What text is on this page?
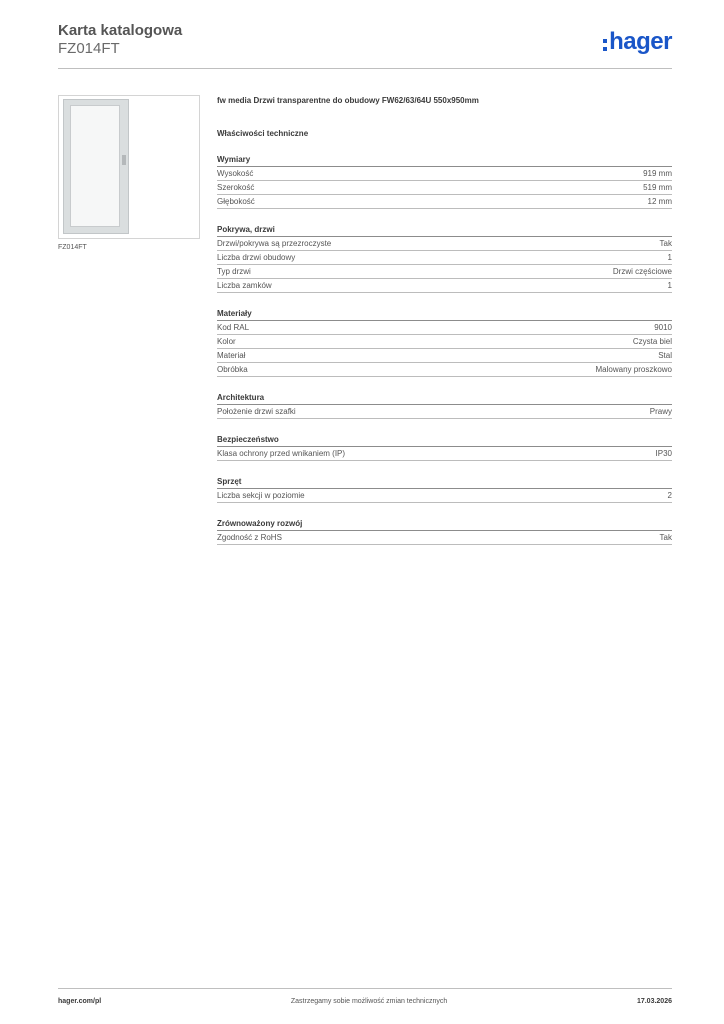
Karta katalogowa
FZ014FT	hager
FZ014FT
fw media Drzwi transparentne do obudowy FW62/63/64U 550x950mm
Właściwości techniczne
Wymiary
Wysokość	919 mm
Szerokość	519 mm
Głębokość	12 mm
Pokrywa, drzwi
Drzwi/pokrywa są przezroczyste	Tak
Liczba drzwi obudowy	1
Typ drzwi	Drzwi częściowe
Liczba zamków	1
Materiały
Kod RAL	9010
Kolor	Czysta biel
Materiał	Stal
Obróbka	Malowany proszkowo
Architektura
Położenie drzwi szafki	Prawy
Bezpieczeństwo
Klasa ochrony przed wnikaniem (IP)	IP30
Sprzęt
Liczba sekcji w poziomie	2
Zrównoważony rozwój
Zgodność z RoHS	Tak
hager.com/pl	Zastrzegamy sobie możliwość zmian technicznych	17.03.2026
